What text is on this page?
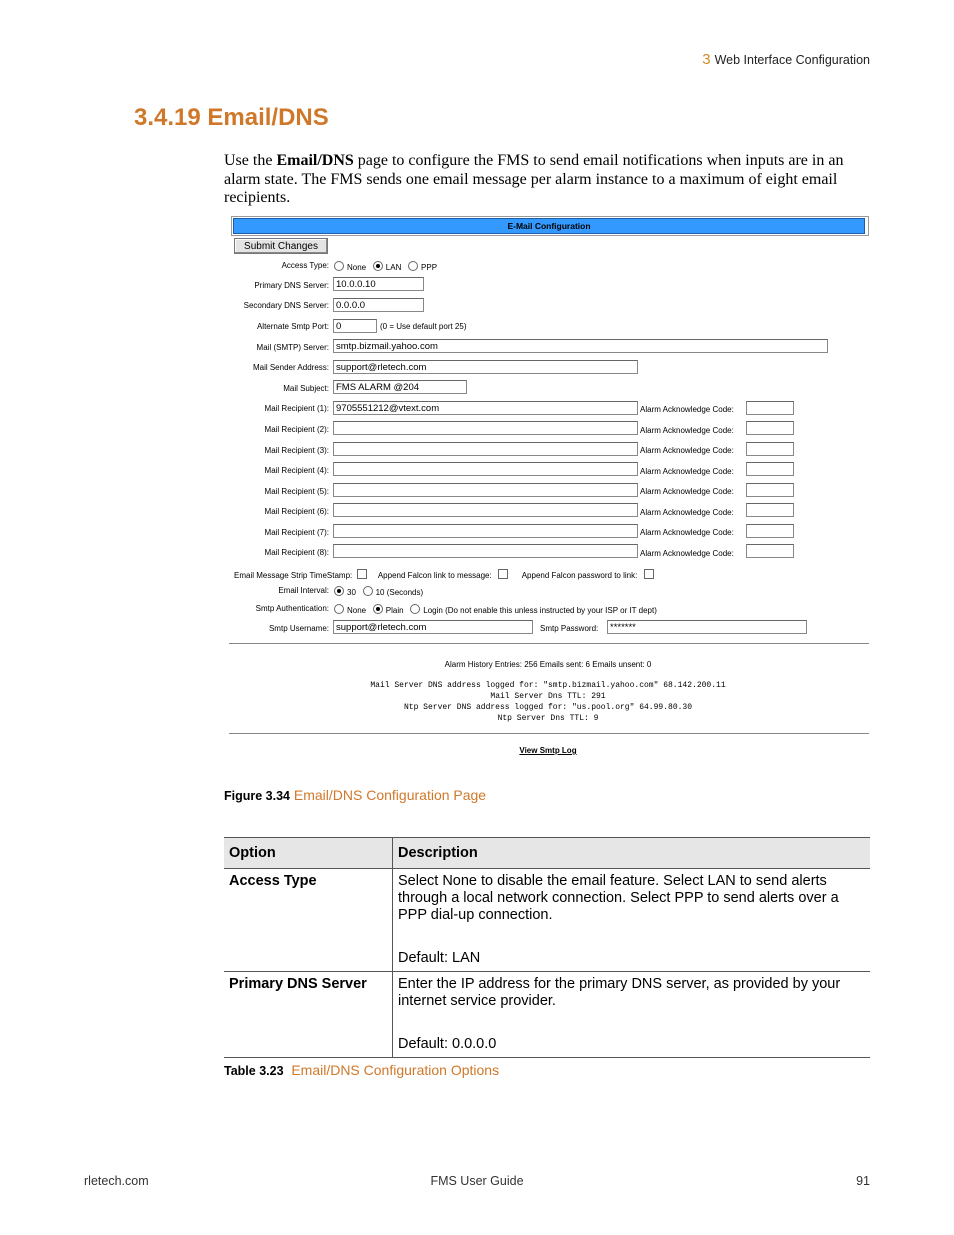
3 Web Interface Configuration
3.4.19 Email/DNS

Use the Email/DNS page to configure the FMS to send email notifications when inputs are in an alarm state. The FMS sends one email message per alarm instance to a maximum of eight email recipients.

E-Mail Configuration
Submit Changes
Access Type:	None LAN PPP
Primary DNS Server: 10.0.0.10
Secondary DNS Server: 0.0.0.0
Alternate Smtp Port: 0	(0 = Use default port 25)
Mail (SMTP) Server: smtp.bizmail.yahoo.com
Mail Sender Address: support@rletech.com
Mail Subject: FMS ALARM @204
Mail Recipient (1): 9705551212@vtext.com	Alarm Acknowledge Code:
Mail Recipient (2):	Alarm Acknowledge Code:
Mail Recipient (3):	Alarm Acknowledge Code:
Mail Recipient (4):	Alarm Acknowledge Code:
Mail Recipient (5):	Alarm Acknowledge Code:
Mail Recipient (6):	Alarm Acknowledge Code:
Mail Recipient (7):	Alarm Acknowledge Code:
Mail Recipient (8):	Alarm Acknowledge Code:
Email Message Strip TimeStamp:	Append Falcon link to message:	Append Falcon password to link:
Email Interval:	30 10 (Seconds)
Smtp Authentication:	None Plain Login (Do not enable this unless instructed by your ISP or IT dept)
Smtp Username: support@rletech.com	Smtp Password:	*******
Alarm History Entries: 256 Emails sent: 6 Emails unsent: 0
Mail Server DNS address logged for: "smtp.bizmail.yahoo.com" 68.142.200.11
Mail Server Dns TTL: 291
Ntp Server DNS address logged for: "us.pool.org" 64.99.80.30
Ntp Server Dns TTL: 9
View Smtp Log
Figure 3.34 Email/DNS Configuration Page
Option	Description
Access Type	Select None to disable the email feature. Select LAN to send alerts through a local network connection. Select PPP to send alerts over a PPP dial-up connection.
Default: LAN

Primary DNS Server	Enter the IP address for the primary DNS server, as provided by your internet service provider.
Default: 0.0.0.0
Table 3.23 Email/DNS Configuration Options
rletech.com	FMS User Guide	91
